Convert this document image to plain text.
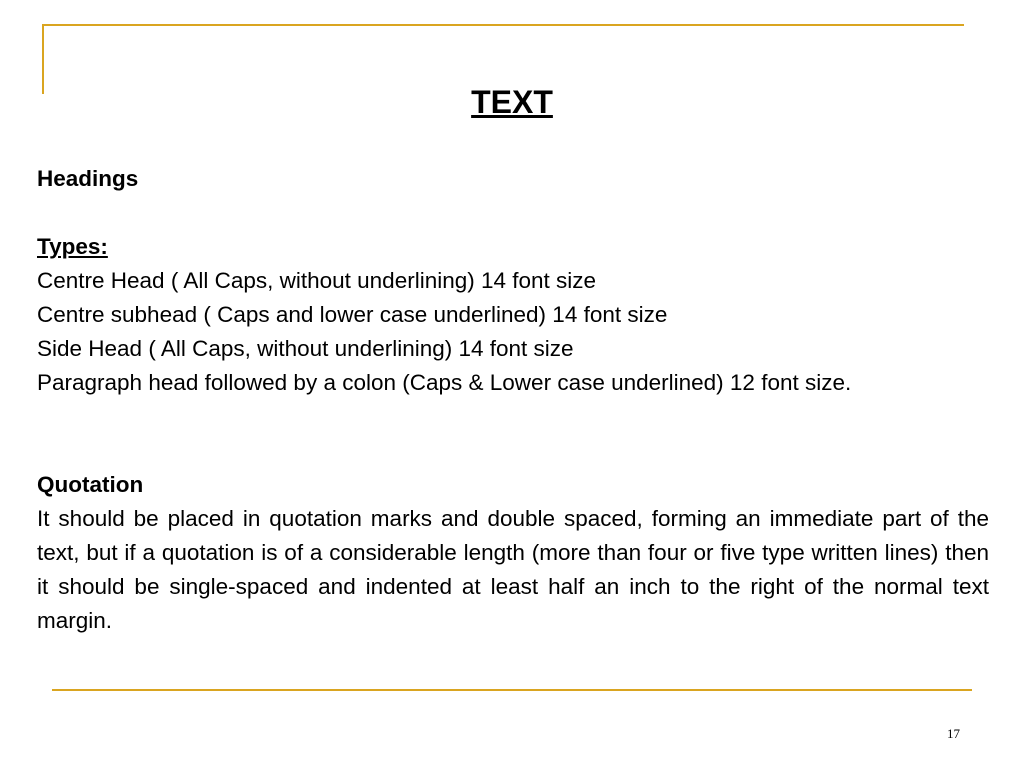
TEXT

Headings

Types:

Centre Head ( All Caps, without underlining) 14 font size

Centre subhead ( Caps and lower case underlined) 14 font size

Side Head ( All Caps, without underlining) 14 font size

Paragraph head followed by a colon (Caps & Lower case underlined) 12 font size.

Quotation

It should be placed in quotation marks and double spaced, forming an immediate part of the text, but if a quotation is of a considerable length (more than four or five type written lines) then it should be single-spaced and indented at least half an inch to the right of the normal text margin.

17
